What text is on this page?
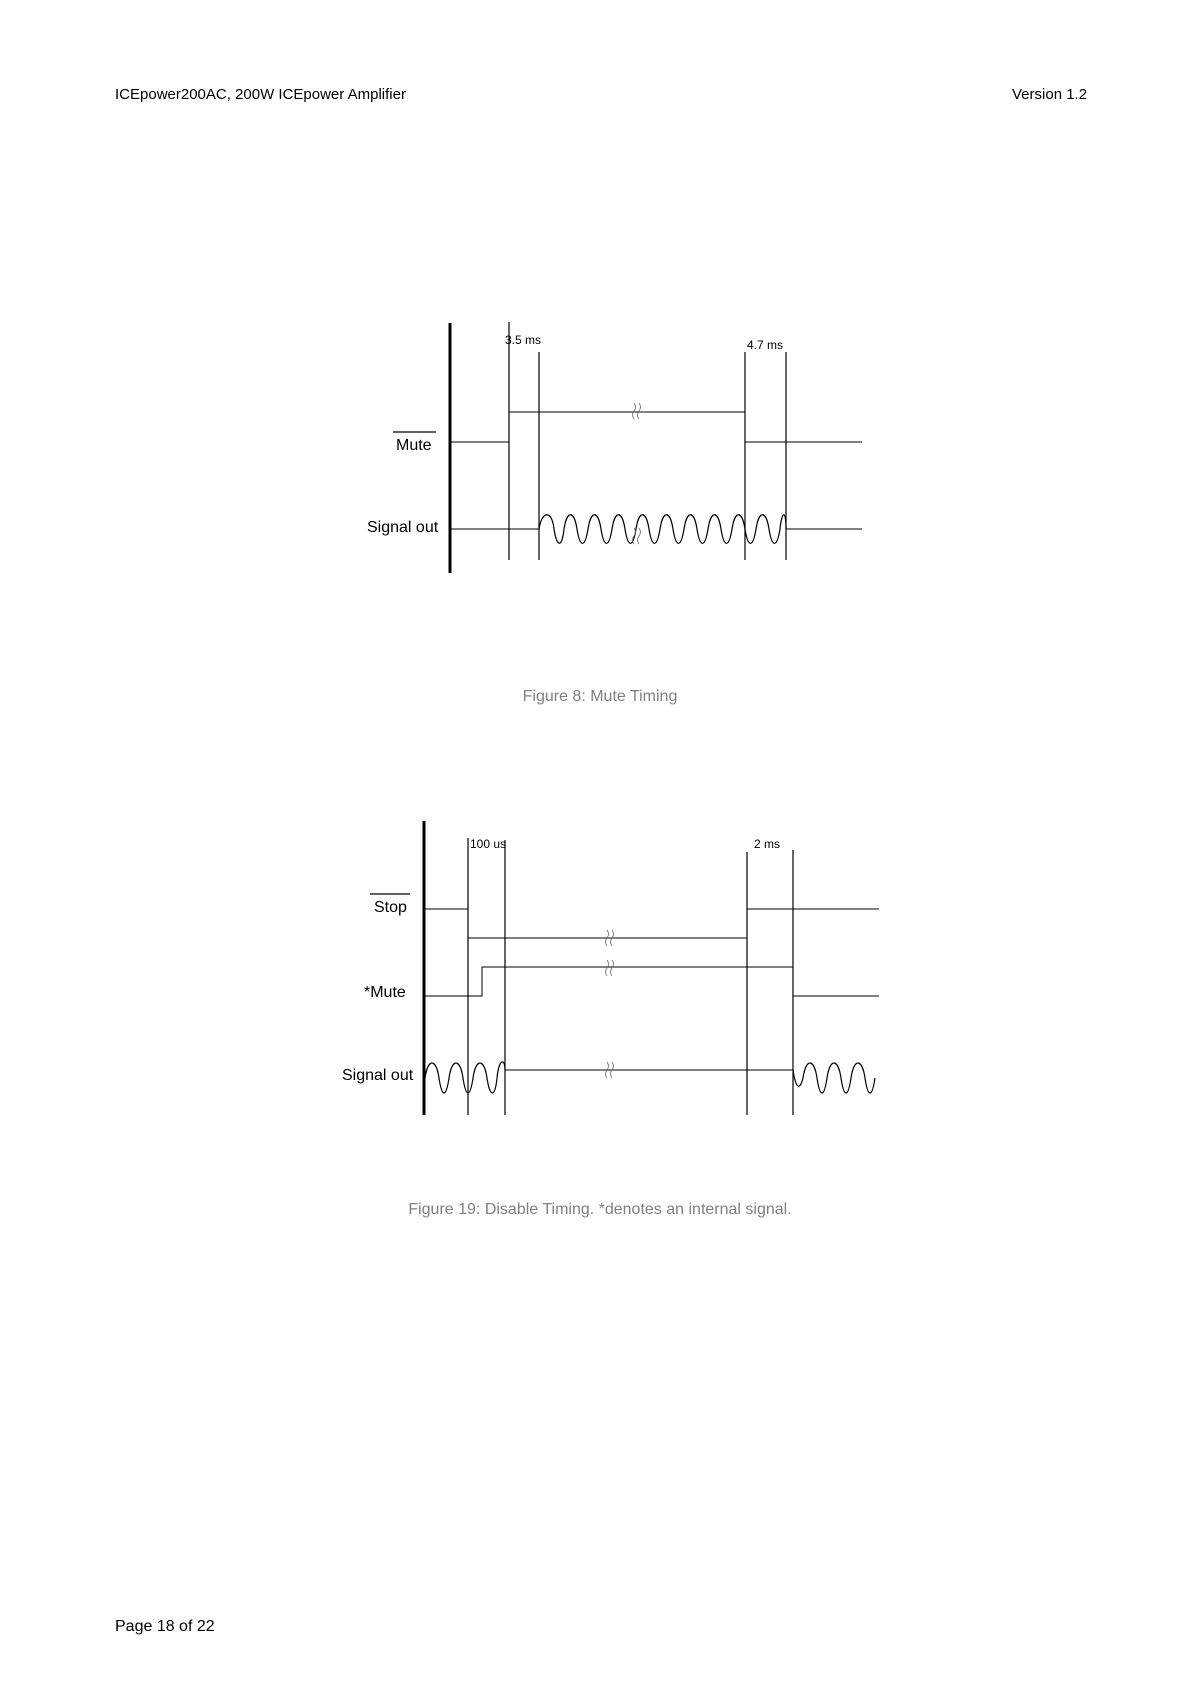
ICEpower200AC, 200W ICEpower Amplifier	Version 1.2
3.5 ms	4.7 ms
Mute
Signal out
Figure 8: Mute Timing
100 us	2 ms
Stop
*Mute
Signal out
Figure 19: Disable Timing. *denotes an internal signal.
Page 18 of 22
